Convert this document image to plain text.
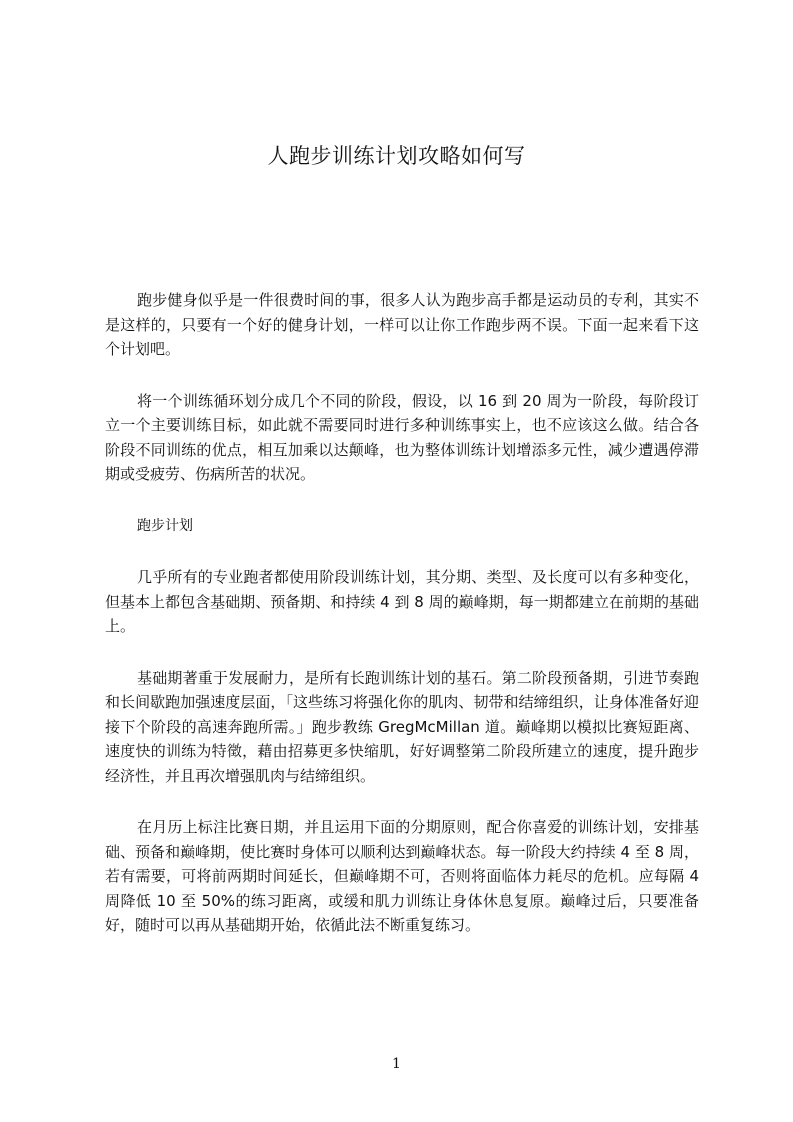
人跑步训练计划攻略如何写

跑步健身似乎是一件很费时间的事，很多人认为跑步高手都是运动员的专利，其实不是这样的，只要有一个好的健身计划，一样可以让你工作跑步两不误。下面一起来看下这个计划吧。

将一个训练循环划分成几个不同的阶段，假设，以 16 到 20 周为一阶段，每阶段订立一个主要训练目标，如此就不需要同时进行多种训练事实上，也不应该这么做。结合各阶段不同训练的优点，相互加乘以达颠峰，也为整体训练计划增添多元性，减少遭遇停滞期或受疲劳、伤病所苦的状况。

跑步计划

几乎所有的专业跑者都使用阶段训练计划，其分期、类型、及长度可以有多种变化，但基本上都包含基础期、预备期、和持续 4 到 8 周的巅峰期，每一期都建立在前期的基础上。

基础期著重于发展耐力，是所有长跑训练计划的基石。第二阶段预备期，引进节奏跑和长间歇跑加强速度层面，「这些练习将强化你的肌肉、韧带和结缔组织，让身体准备好迎接下个阶段的高速奔跑所需。」跑步教练 GregMcMillan 道。巅峰期以模拟比赛短距离、速度快的训练为特徵，藉由招募更多快缩肌，好好调整第二阶段所建立的速度，提升跑步经济性，并且再次增强肌肉与结缔组织。

在月历上标注比赛日期，并且运用下面的分期原则，配合你喜爱的训练计划，安排基础、预备和巅峰期，使比赛时身体可以顺利达到巅峰状态。每一阶段大约持续 4 至 8 周，若有需要，可将前两期时间延长，但巅峰期不可，否则将面临体力耗尽的危机。应每隔 4 周降低 10 至 50%的练习距离，或缓和肌力训练让身体休息复原。巅峰过后，只要准备好，随时可以再从基础期开始，依循此法不断重复练习。

1
